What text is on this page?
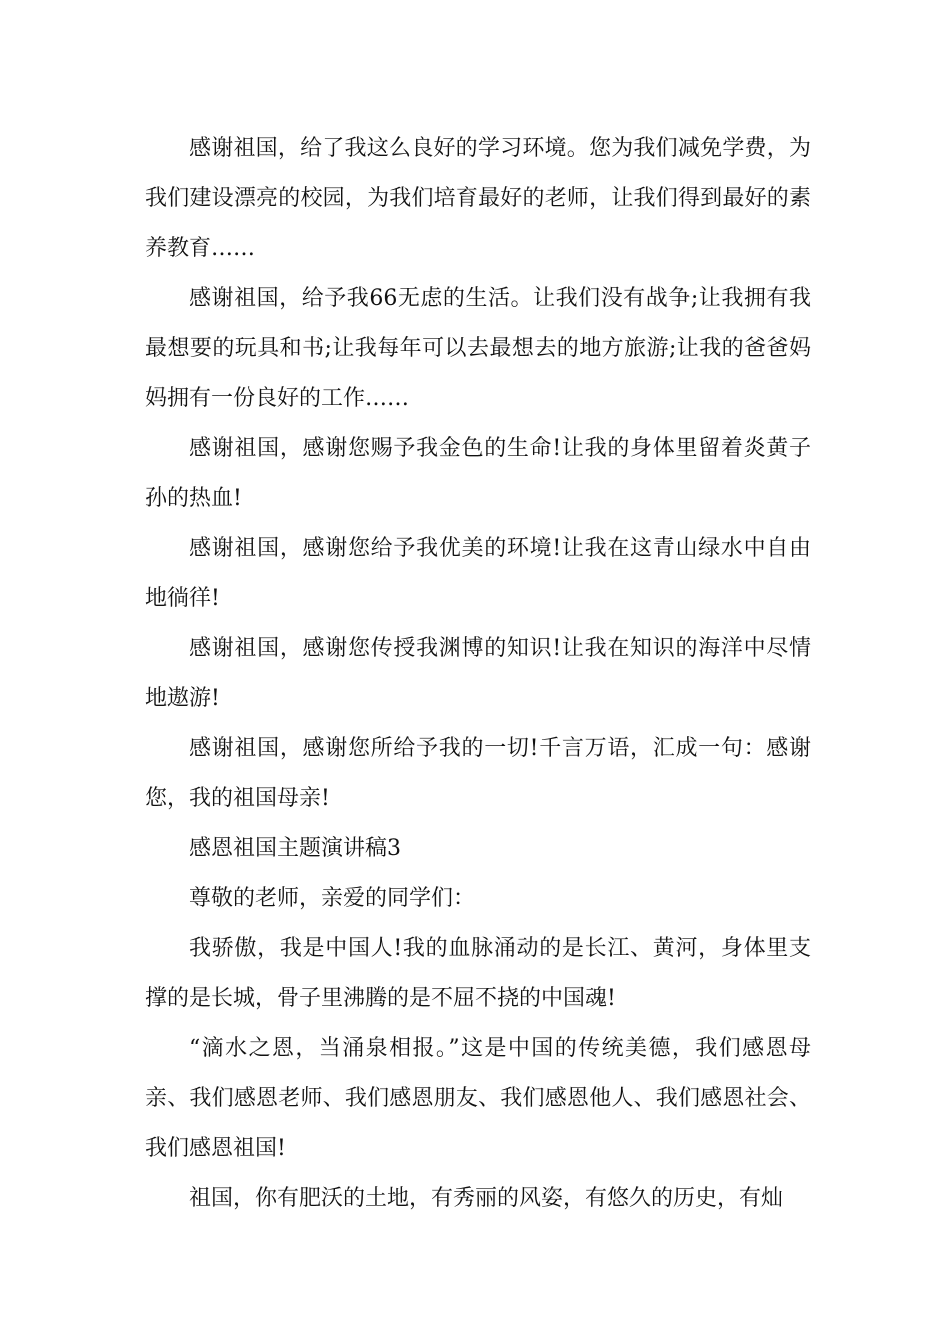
感谢祖国，给了我这么良好的学习环境。您为我们减免学费，为我们建设漂亮的校园，为我们培育最好的老师，让我们得到最好的素养教育……

感谢祖国，给予我66无虑的生活。让我们没有战争;让我拥有我最想要的玩具和书;让我每年可以去最想去的地方旅游;让我的爸爸妈妈拥有一份良好的工作……

感谢祖国，感谢您赐予我金色的生命!让我的身体里留着炎黄子孙的热血!

感谢祖国，感谢您给予我优美的环境!让我在这青山绿水中自由地徜徉!

感谢祖国，感谢您传授我渊博的知识!让我在知识的海洋中尽情地遨游!

感谢祖国，感谢您所给予我的一切!千言万语，汇成一句：感谢您，我的祖国母亲!

感恩祖国主题演讲稿3

尊敬的老师，亲爱的同学们：

我骄傲，我是中国人!我的血脉涌动的是长江、黄河，身体里支撑的是长城，骨子里沸腾的是不屈不挠的中国魂!

“滴水之恩，当涌泉相报。”这是中国的传统美德，我们感恩母亲、我们感恩老师、我们感恩朋友、我们感恩他人、我们感恩社会、我们感恩祖国!

祖国，你有肥沃的土地，有秀丽的风姿，有悠久的历史，有灿
